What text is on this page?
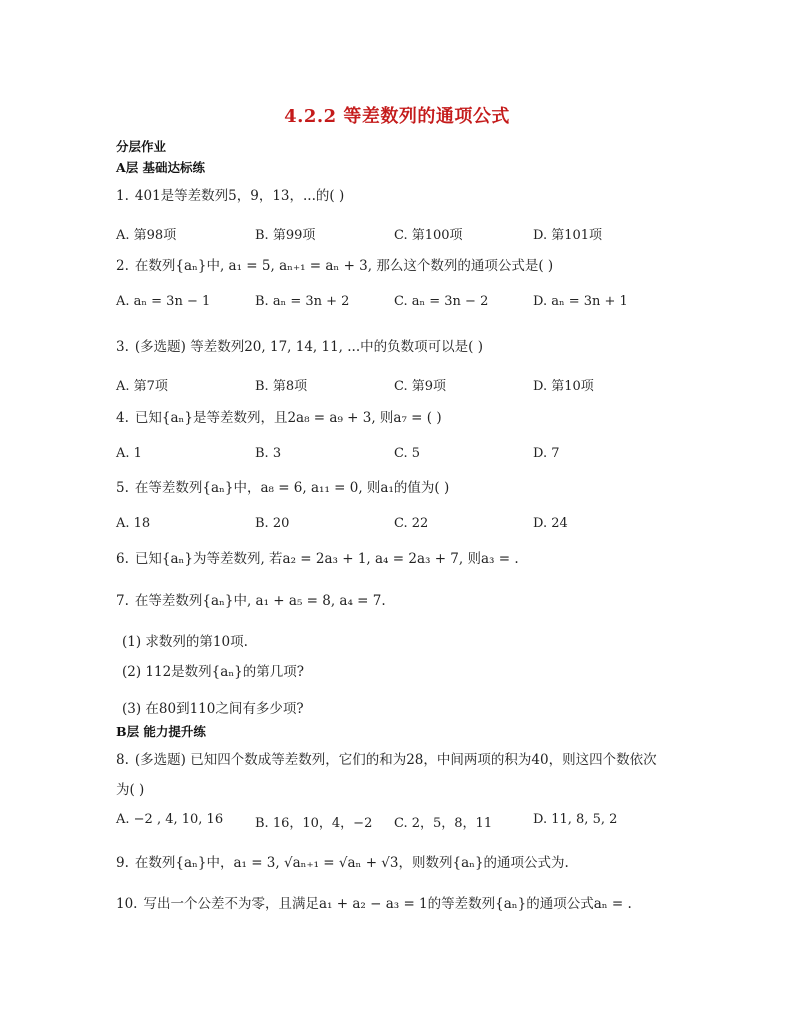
4.2.2 等差数列的通项公式
分层作业
A层 基础达标练
1. 401是等差数列5，9，13，...的( )
A. 第98项	B. 第99项	C. 第100项	D. 第101项
2. 在数列{aₙ}中, a₁ = 5, aₙ₊₁ = aₙ + 3, 那么这个数列的通项公式是( )
A. aₙ = 3n − 1	B. aₙ = 3n + 2	C. aₙ = 3n − 2	D. aₙ = 3n + 1
3. (多选题) 等差数列20, 17, 14, 11, ...中的负数项可以是( )
A. 第7项	B. 第8项	C. 第9项	D. 第10项
4. 已知{aₙ}是等差数列，且2a₈ = a₉ + 3, 则a₇ = ( )
A. 1	B. 3	C. 5	D. 7
5. 在等差数列{aₙ}中，a₈ = 6, a₁₁ = 0, 则a₁的值为( )
A. 18	B. 20	C. 22	D. 24
6. 已知{aₙ}为等差数列, 若a₂ = 2a₃ + 1, a₄ = 2a₃ + 7, 则a₃ = .
7. 在等差数列{aₙ}中, a₁ + a₅ = 8, a₄ = 7.
(1) 求数列的第10项.
(2) 112是数列{aₙ}的第几项?
(3) 在80到110之间有多少项?
B层 能力提升练
8. (多选题) 已知四个数成等差数列，它们的和为28，中间两项的积为40，则这四个数依次
为( )
A. −2 , 4, 10, 16 B. 16，10，4，−2 C. 2，5，8，11	D. 11, 8, 5, 2
9. 在数列{aₙ}中，a₁ = 3, √aₙ₊₁ = √aₙ + √3，则数列{aₙ}的通项公式为.
10. 写出一个公差不为零，且满足a₁ + a₂ − a₃ = 1的等差数列{aₙ}的通项公式aₙ = .
